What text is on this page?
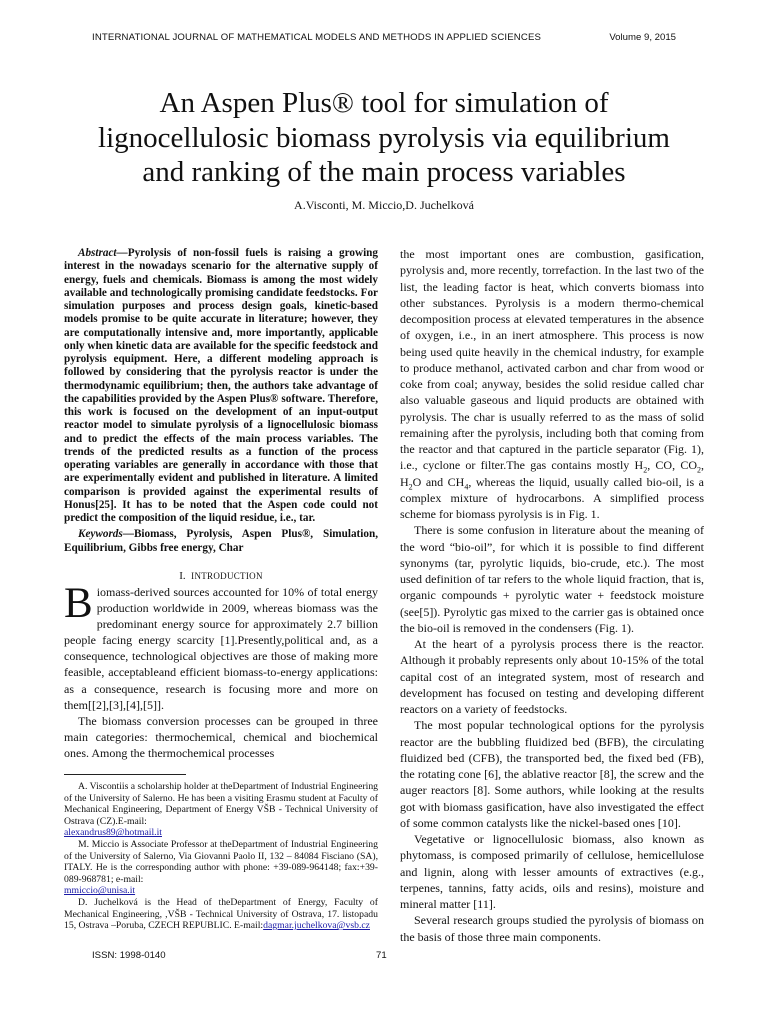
INTERNATIONAL JOURNAL OF MATHEMATICAL MODELS AND METHODS IN APPLIED SCIENCES	Volume 9, 2015
An Aspen Plus® tool for simulation of
lignocellulosic biomass pyrolysis via equilibrium
and ranking of the main process variables
A.Visconti, M. Miccio,D. Juchelková

Abstract—Pyrolysis of non-fossil fuels is raising a growing interest in the nowadays scenario for the alternative supply of energy, fuels and chemicals. Biomass is among the most widely available and technologically promising candidate feedstocks. For simulation purposes and process design goals, kinetic-based models promise to be quite accurate in literature; however, they are computationally intensive and, more importantly, applicable only when kinetic data are available for the specific feedstock and pyrolysis equipment. Here, a different modeling approach is followed by considering that the pyrolysis reactor is under the thermodynamic equilibrium; then, the authors take advantage of the capabilities provided by the Aspen Plus® software. Therefore, this work is focused on the development of an input-output reactor model to simulate pyrolysis of a lignocellulosic biomass and to predict the effects of the main process variables. The trends of the predicted results as a function of the process operating variables are generally in accordance with those that are experimentally evident and published in literature. A limited comparison is provided against the experimental results of Honus[25]. It has to be noted that the Aspen code could not predict the composition of the liquid residue, i.e., tar.

Keywords—Biomass, Pyrolysis, Aspen Plus®, Simulation, Equilibrium, Gibbs free energy, Char

I. INTRODUCTION

Biomass-derived sources accounted for 10% of total energy production worldwide in 2009, whereas biomass was the predominant energy source for approximately 2.7 billion people facing energy scarcity [1].Presently,political and, as a consequence, technological objectives are those of making more feasible, acceptableand efficient biomass-to-energy applications: as a consequence, research is focusing more and more on them[[2],[3],[4],[5]].

The biomass conversion processes can be grouped in three main categories: thermochemical, chemical and biochemical ones. Among the thermochemical processes

A. Viscontiis a scholarship holder at theDepartment of Industrial Engineering of the University of Salerno. He has been a visiting Erasmu student at Faculty of Mechanical Engineering, Department of Energy VŠB - Technical University of Ostrava (CZ).E-mail:
alexandrus89@hotmail.it

M. Miccio is Associate Professor at theDepartment of Industrial Engineering of the University of Salerno, Via Giovanni Paolo II, 132 – 84084 Fisciano (SA), ITALY. He is the corresponding author with phone: +39-089-964148; fax:+39-089-968781; e-mail:
mmiccio@unisa.it

D. Juchelková is the Head of theDepartment of Energy, Faculty of Mechanical Engineering, ,VŠB - Technical University of Ostrava, 17. listopadu 15, Ostrava –Poruba, CZECH REPUBLIC. E-mail:dagmar.juchelkova@vsb.cz

the most important ones are combustion, gasification, pyrolysis and, more recently, torrefaction. In the last two of the list, the leading factor is heat, which converts biomass into other substances. Pyrolysis is a modern thermo-chemical decomposition process at elevated temperatures in the absence of oxygen, i.e., in an inert atmosphere. This process is now being used quite heavily in the chemical industry, for example to produce methanol, activated carbon and char from wood or coke from coal; anyway, besides the solid residue called char also valuable gaseous and liquid products are obtained with pyrolysis. The char is usually referred to as the mass of solid remaining after the pyrolysis, including both that coming from the reactor and that captured in the particle separator (Fig. 1), i.e., cyclone or filter.The gas contains mostly $H_2$, CO, $CO_2$, $H_2O$ and $CH_4$, whereas the liquid, usually called bio-oil, is a complex mixture of hydrocarbons. A simplified process scheme for biomass pyrolysis is in Fig. 1.

There is some confusion in literature about the meaning of the word “bio-oil”, for which it is possible to find different synonyms (tar, pyrolytic liquids, bio-crude, etc.). The most used definition of tar refers to the whole liquid fraction, that is, organic compounds + pyrolytic water + feedstock moisture (see[5]). Pyrolytic gas mixed to the carrier gas is obtained once the bio-oil is removed in the condensers (Fig. 1).

At the heart of a pyrolysis process there is the reactor. Although it probably represents only about 10-15% of the total capital cost of an integrated system, most of research and development has focused on testing and developing different reactors on a variety of feedstocks.

The most popular technological options for the pyrolysis reactor are the bubbling fluidized bed (BFB), the circulating fluidized bed (CFB), the transported bed, the fixed bed (FB), the rotating cone [6], the ablative reactor [8], the screw and the auger reactors [8]. Some authors, while looking at the results got with biomass gasification, have also investigated the effect of some common catalysts like the nickel-based ones [10].

Vegetative or lignocellulosic biomass, also known as phytomass, is composed primarily of cellulose, hemicellulose and lignin, along with lesser amounts of extractives (e.g., terpenes, tannins, fatty acids, oils and resins), moisture and mineral matter [11].

Several research groups studied the pyrolysis of biomass on the basis of those three main components.

ISSN: 1998-0140	71
